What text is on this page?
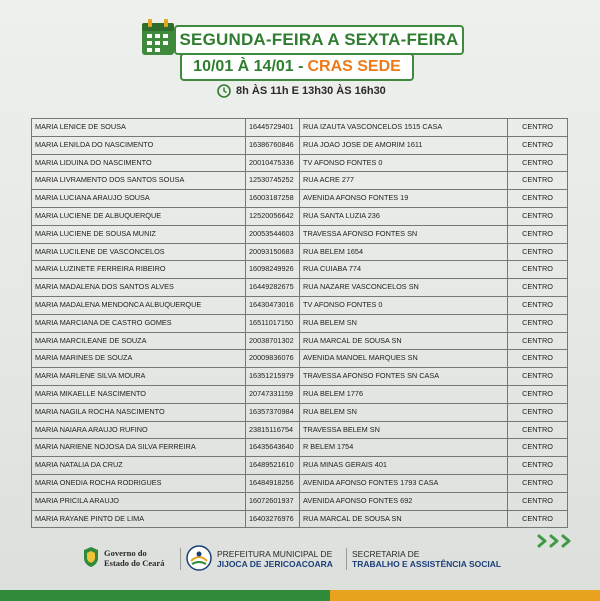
SEGUNDA-FEIRA A SEXTA-FEIRA
10/01 À 14/01 - CRAS SEDE
8h ÀS 11h E 13h30 ÀS 16h30
MARIA LENICE DE SOUSA	16445729401	RUA IZAUTA VASCONCELOS 1515 CASA	CENTRO
MARIA LENILDA DO NASCIMENTO	16386760846	RUA JOAO JOSE DE AMORIM 1611	CENTRO
MARIA LIDUINA DO NASCIMENTO	20010475336	TV AFONSO FONTES 0	CENTRO
MARIA LIVRAMENTO DOS SANTOS SOUSA	12530745252	RUA ACRE 277	CENTRO
MARIA LUCIANA ARAUJO SOUSA	16003187258	AVENIDA AFONSO FONTES 19	CENTRO
MARIA LUCIENE DE ALBUQUERQUE	12520056642	RUA SANTA LUZIA 236	CENTRO
MARIA LUCIENE DE SOUSA MUNIZ	20053544603	TRAVESSA AFONSO FONTES SN	CENTRO
MARIA LUCILENE DE VASCONCELOS	20093150683	RUA BELEM 1654	CENTRO
MARIA LUZINETE FERREIRA RIBEIRO	16098249926	RUA CUIABA 774	CENTRO
MARIA MADALENA DOS SANTOS ALVES	16449282675	RUA NAZARE VASCONCELOS SN	CENTRO
MARIA MADALENA MENDONCA ALBUQUERQUE	16430473016	TV AFONSO FONTES 0	CENTRO
MARIA MARCIANA DE CASTRO GOMES	16511017150	RUA BELEM SN	CENTRO
MARIA MARCILEANE DE SOUZA	20038701302	RUA MARCAL DE SOUSA SN	CENTRO
MARIA MARINES DE SOUZA	20009836076	AVENIDA MANOEL MARQUES SN	CENTRO
MARIA MARLENE SILVA MOURA	16351215979	TRAVESSA AFONSO FONTES SN CASA	CENTRO
MARIA MIKAELLE NASCIMENTO	20747331159	RUA BELEM 1776	CENTRO
MARIA NAGILA ROCHA NASCIMENTO	16357370984	RUA BELEM SN	CENTRO
MARIA NAIARA ARAUJO RUFINO	23815116754	TRAVESSA BELEM SN	CENTRO
MARIA NARIENE NOJOSA DA SILVA FERREIRA	16435643640	R BELEM 1754	CENTRO
MARIA NATALIA DA CRUZ	16489521610	RUA MINAS GERAIS 401	CENTRO
MARIA ONEDIA ROCHA RODRIGUES	16484918256	AVENIDA AFONSO FONTES 1793 CASA	CENTRO
MARIA PRICILA ARAUJO	16072601937	AVENIDA AFONSO FONTES 692	CENTRO
MARIA RAYANE PINTO DE LIMA	16403276976	RUA MARCAL DE SOUSA SN	CENTRO
Governo do
Estado do Ceará
PREFEITURA MUNICIPAL DE
JIJOCA DE JERICOACOARA
SECRETARIA DE
TRABALHO E ASSISTÊNCIA SOCIAL
